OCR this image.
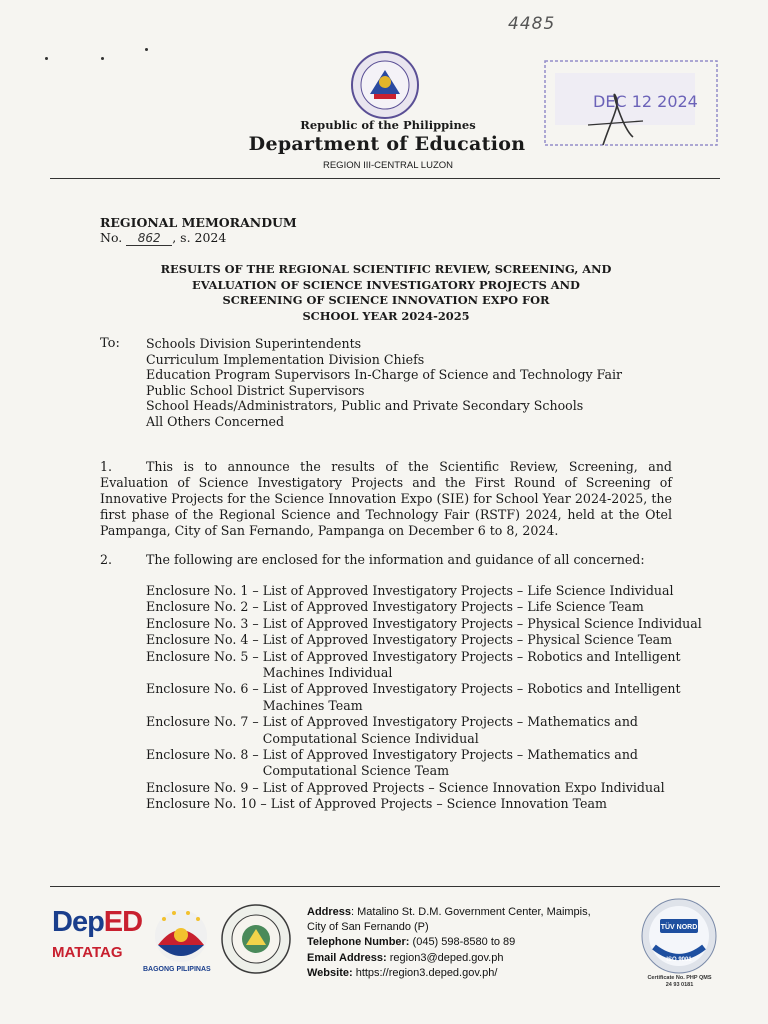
4485
Republic of the Philippines
Department of Education
REGION III-CENTRAL LUZON
DEC 12 2024
REGIONAL MEMORANDUM
No. 862 , s. 2024
RESULTS OF THE REGIONAL SCIENTIFIC REVIEW, SCREENING, AND
EVALUATION OF SCIENCE INVESTIGATORY PROJECTS AND
SCREENING OF SCIENCE INNOVATION EXPO FOR
SCHOOL YEAR 2024-2025
To: Schools Division Superintendents
Curriculum Implementation Division Chiefs
Education Program Supervisors In-Charge of Science and Technology Fair
Public School District Supervisors
School Heads/Administrators, Public and Private Secondary Schools
All Others Concerned
1.	This is to announce the results of the Scientific Review, Screening, and Evaluation of Science Investigatory Projects and the First Round of Screening of Innovative Projects for the Science Innovation Expo (SIE) for School Year 2024-2025, the first phase of the Regional Science and Technology Fair (RSTF) 2024, held at the Otel Pampanga, City of San Fernando, Pampanga on December 6 to 8, 2024.
2.	The following are enclosed for the information and guidance of all concerned:
Enclosure No. 1 – List of Approved Investigatory Projects – Life Science Individual
Enclosure No. 2 – List of Approved Investigatory Projects – Life Science Team
Enclosure No. 3 – List of Approved Investigatory Projects – Physical Science Individual
Enclosure No. 4 – List of Approved Investigatory Projects – Physical Science Team
Enclosure No. 5 – List of Approved Investigatory Projects – Robotics and Intelligent Machines Individual
Enclosure No. 6 – List of Approved Investigatory Projects – Robotics and Intelligent Machines Team
Enclosure No. 7 – List of Approved Investigatory Projects – Mathematics and Computational Science Individual
Enclosure No. 8 – List of Approved Investigatory Projects – Mathematics and Computational Science Team
Enclosure No. 9 – List of Approved Projects – Science Innovation Expo Individual
Enclosure No. 10 – List of Approved Projects – Science Innovation Team
DepED
MATATAG
BAGONG PILIPINAS
Address: Matalino St. D.M. Government Center, Maimpis,
City of San Fernando (P)
Telephone Number: (045) 598-8580 to 89
Email Address: region3@deped.gov.ph
Website: https://region3.deped.gov.ph/
TÜV NORD
ISO 9001
Certificate No. PHP QMS
24 93 0181
